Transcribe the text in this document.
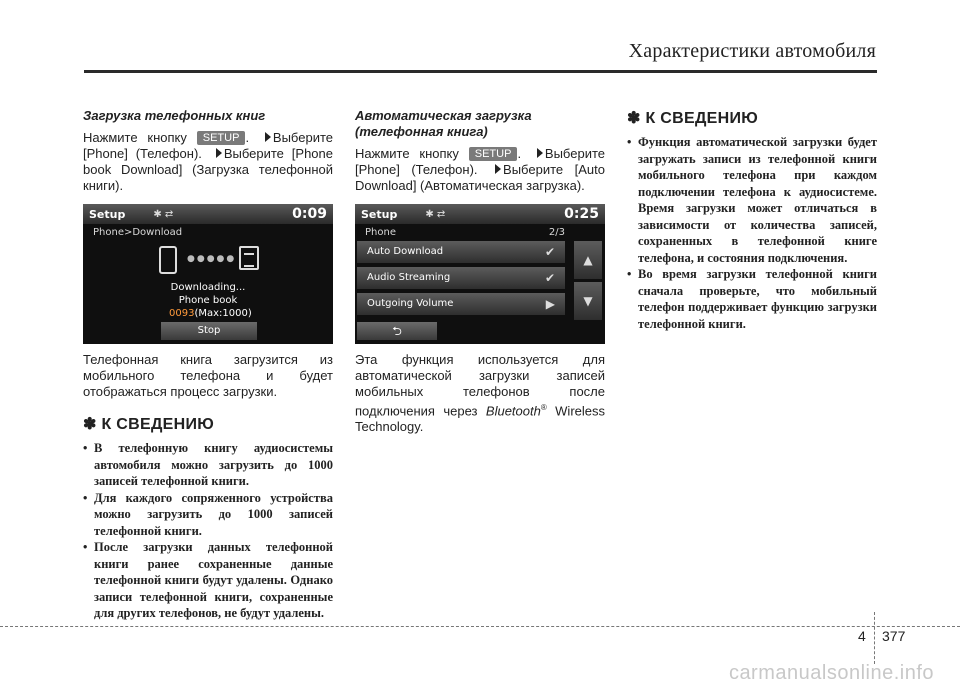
Характеристики автомобиля
Загрузка телефонных книг

Нажмите кнопку SETUP . Выберите [Phone] (Телефон). Выберите [Phone book Download] (Загрузка телефонной книги).

Setup	✱ ⇄	0:09
Phone>Download
●●●●●
Downloading...
Phone book
0093(Max:1000)
Stop

Телефонная книга загрузится из мобильного телефона и будет отображаться процесс загрузки.

✽ К СВЕДЕНИЮ
• В телефонную книгу аудиосистемы автомобиля можно загрузить до 1000 записей телефонной книги.
• Для каждого сопряженного устройства можно загрузить до 1000 записей телефонной книги.
• После загрузки данных телефонной книги ранее сохраненные данные телефонной книги будут удалены. Однако записи телефонной книги, сохраненные для других телефонов, не будут удалены.
Автоматическая загрузка (телефонная книга)

Нажмите кнопку SETUP . Выберите [Phone] (Телефон). Выберите [Auto Download] (Автоматическая загрузка).

Setup	✱ ⇄	0:25
Phone	2/3
Auto Download	✔
Audio Streaming	✔
Outgoing Volume	▶
▲
▼
⮌

Эта функция используется для автоматической загрузки записей мобильных телефонов после подключения через Bluetooth® Wireless Technology.

✽ К СВЕДЕНИЮ
• Функция автоматической загрузки будет загружать записи из телефонной книги мобильного телефона при каждом подключении телефона к аудиосистеме. Время загрузки может отличаться в зависимости от количества записей, сохраненных в телефонной книге телефона, и состояния подключения.
• Во время загрузки телефонной книги сначала проверьте, что мобильный телефон поддерживает функцию загрузки телефонной книги.
4 377
carmanualsonline.info
